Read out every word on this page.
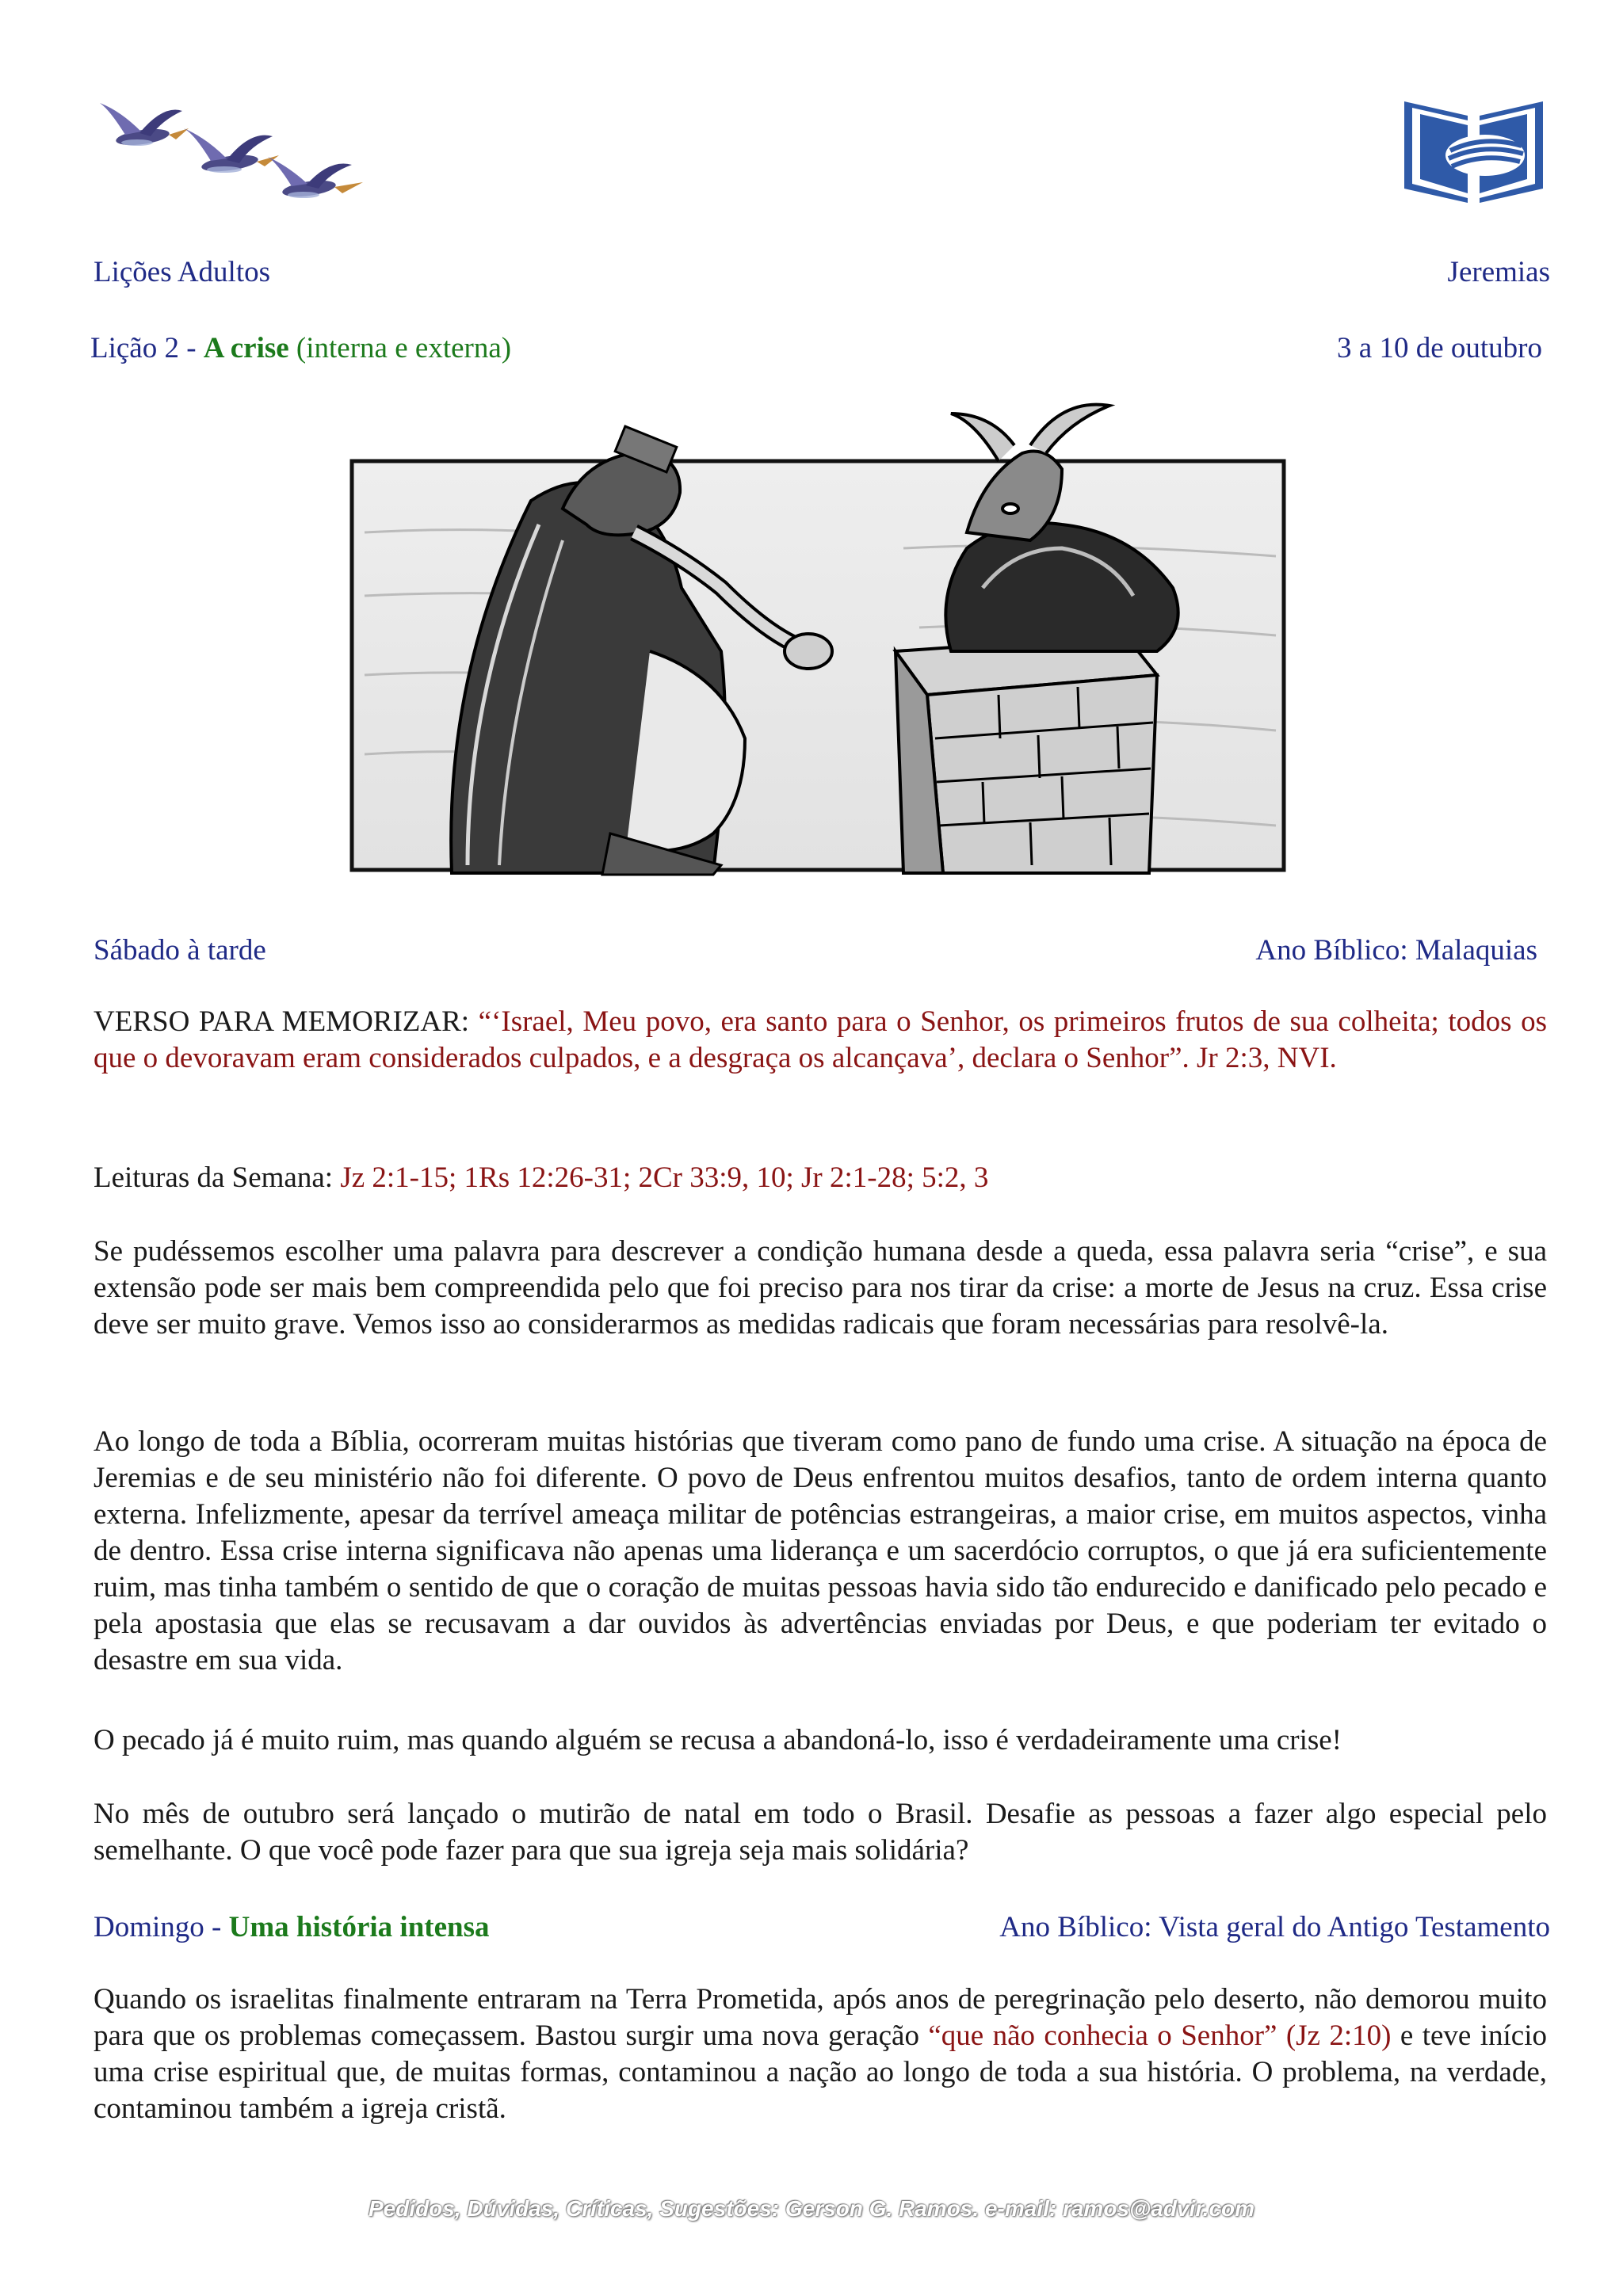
Lições Adultos	Jeremias
Lição 2 - A crise (interna e externa)	3 a 10 de outubro
Sábado à tarde	Ano Bíblico: Malaquias

VERSO PARA MEMORIZAR: “‘Israel, Meu povo, era santo para o Senhor, os primeiros frutos de sua colheita; todos os que o devoravam eram considerados culpados, e a desgraça os alcançava’, declara o Senhor”. Jr 2:3, NVI.

Leituras da Semana: Jz 2:1-15; 1Rs 12:26-31; 2Cr 33:9, 10; Jr 2:1-28; 5:2, 3

Se pudéssemos escolher uma palavra para descrever a condição humana desde a queda, essa palavra seria “crise”, e sua extensão pode ser mais bem compreendida pelo que foi preciso para nos tirar da crise: a morte de Jesus na cruz. Essa crise deve ser muito grave. Vemos isso ao considerarmos as medidas radicais que foram necessárias para resolvê-la.

Ao longo de toda a Bíblia, ocorreram muitas histórias que tiveram como pano de fundo uma crise. A situação na época de Jeremias e de seu ministério não foi diferente. O povo de Deus enfrentou muitos desafios, tanto de ordem interna quanto externa. Infelizmente, apesar da terrível ameaça militar de potências estrangeiras, a maior crise, em muitos aspectos, vinha de dentro. Essa crise interna significava não apenas uma liderança e um sacerdócio corruptos, o que já era suficientemente ruim, mas tinha também o sentido de que o coração de muitas pessoas havia sido tão endurecido e danificado pelo pecado e pela apostasia que elas se recusavam a dar ouvidos às advertências enviadas por Deus, e que poderiam ter evitado o desastre em sua vida.

O pecado já é muito ruim, mas quando alguém se recusa a abandoná-lo, isso é verdadeiramente uma crise!

No mês de outubro será lançado o mutirão de natal em todo o Brasil. Desafie as pessoas a fazer algo especial pelo semelhante. O que você pode fazer para que sua igreja seja mais solidária?

Domingo - Uma história intensa	Ano Bíblico: Vista geral do Antigo Testamento

Quando os israelitas finalmente entraram na Terra Prometida, após anos de peregrinação pelo deserto, não demorou muito para que os problemas começassem. Bastou surgir uma nova geração “que não conhecia o Senhor” (Jz 2:10) e teve início uma crise espiritual que, de muitas formas, contaminou a nação ao longo de toda a sua história. O problema, na verdade, contaminou também a igreja cristã.

Pedidos, Dúvidas, Críticas, Sugestões: Gerson G. Ramos. e-mail: ramos@advir.com
